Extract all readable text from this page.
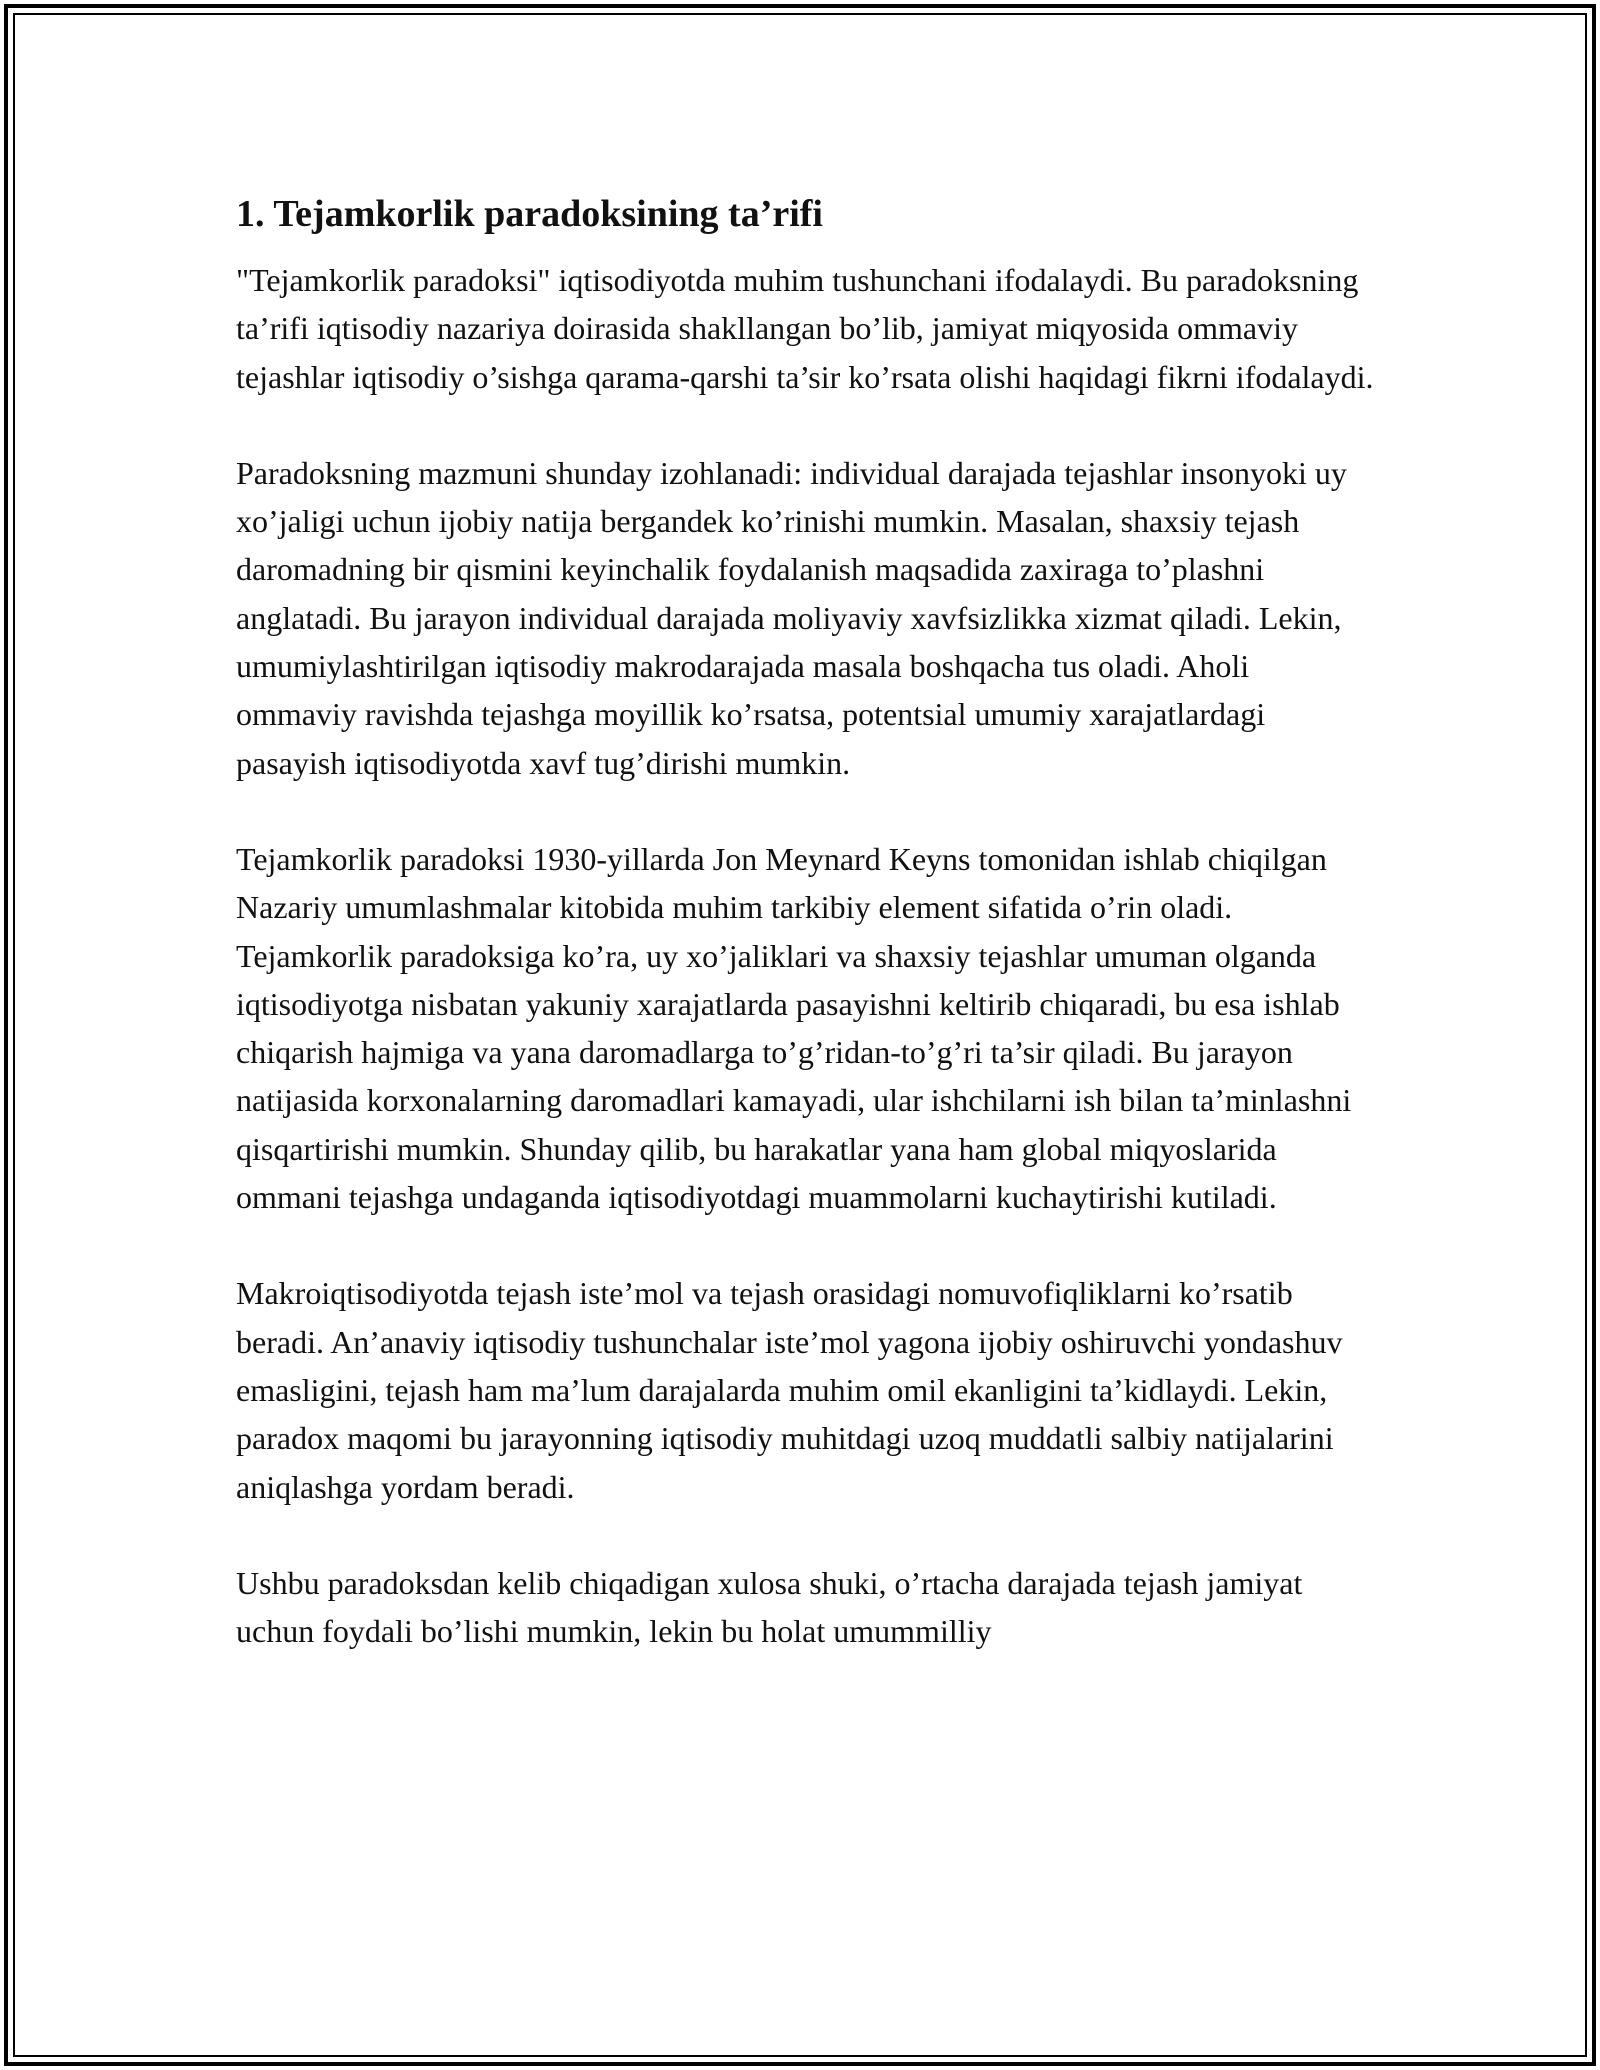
1. Tejamkorlik paradoksining ta’rifi

"Tejamkorlik paradoksi" iqtisodiyotda muhim tushunchani ifodalaydi. Bu paradoksning ta’rifi iqtisodiy nazariya doirasida shakllangan bo’lib, jamiyat miqyosida ommaviy tejashlar iqtisodiy o’sishga qarama-qarshi ta’sir ko’rsata olishi haqidagi fikrni ifodalaydi.

Paradoksning mazmuni shunday izohlanadi: individual darajada tejashlar insonyoki uy xo’jaligi uchun ijobiy natija bergandek ko’rinishi mumkin. Masalan, shaxsiy tejash daromadning bir qismini keyinchalik foydalanish maqsadida zaxiraga to’plashni anglatadi. Bu jarayon individual darajada moliyaviy xavfsizlikka xizmat qiladi. Lekin, umumiylashtirilgan iqtisodiy makrodarajada masala boshqacha tus oladi. Aholi ommaviy ravishda tejashga moyillik ko’rsatsa, potentsial umumiy xarajatlardagi pasayish iqtisodiyotda xavf tug’dirishi mumkin.

Tejamkorlik paradoksi 1930-yillarda Jon Meynard Keyns tomonidan ishlab chiqilgan Nazariy umumlashmalar kitobida muhim tarkibiy element sifatida o’rin oladi. Tejamkorlik paradoksiga ko’ra, uy xo’jaliklari va shaxsiy tejashlar umuman olganda iqtisodiyotga nisbatan yakuniy xarajatlarda pasayishni keltirib chiqaradi, bu esa ishlab chiqarish hajmiga va yana daromadlarga to’g’ridan-to’g’ri ta’sir qiladi. Bu jarayon natijasida korxonalarning daromadlari kamayadi, ular ishchilarni ish bilan ta’minlashni qisqartirishi mumkin. Shunday qilib, bu harakatlar yana ham global miqyoslarida ommani tejashga undaganda iqtisodiyotdagi muammolarni kuchaytirishi kutiladi.

Makroiqtisodiyotda tejash iste’mol va tejash orasidagi nomuvofiqliklarni ko’rsatib beradi. An’anaviy iqtisodiy tushunchalar iste’mol yagona ijobiy oshiruvchi yondashuv emasligini, tejash ham ma’lum darajalarda muhim omil ekanligini ta’kidlaydi. Lekin, paradox maqomi bu jarayonning iqtisodiy muhitdagi uzoq muddatli salbiy natijalarini aniqlashga yordam beradi.

Ushbu paradoksdan kelib chiqadigan xulosa shuki, o’rtacha darajada tejash jamiyat uchun foydali bo’lishi mumkin, lekin bu holat umummilliy
